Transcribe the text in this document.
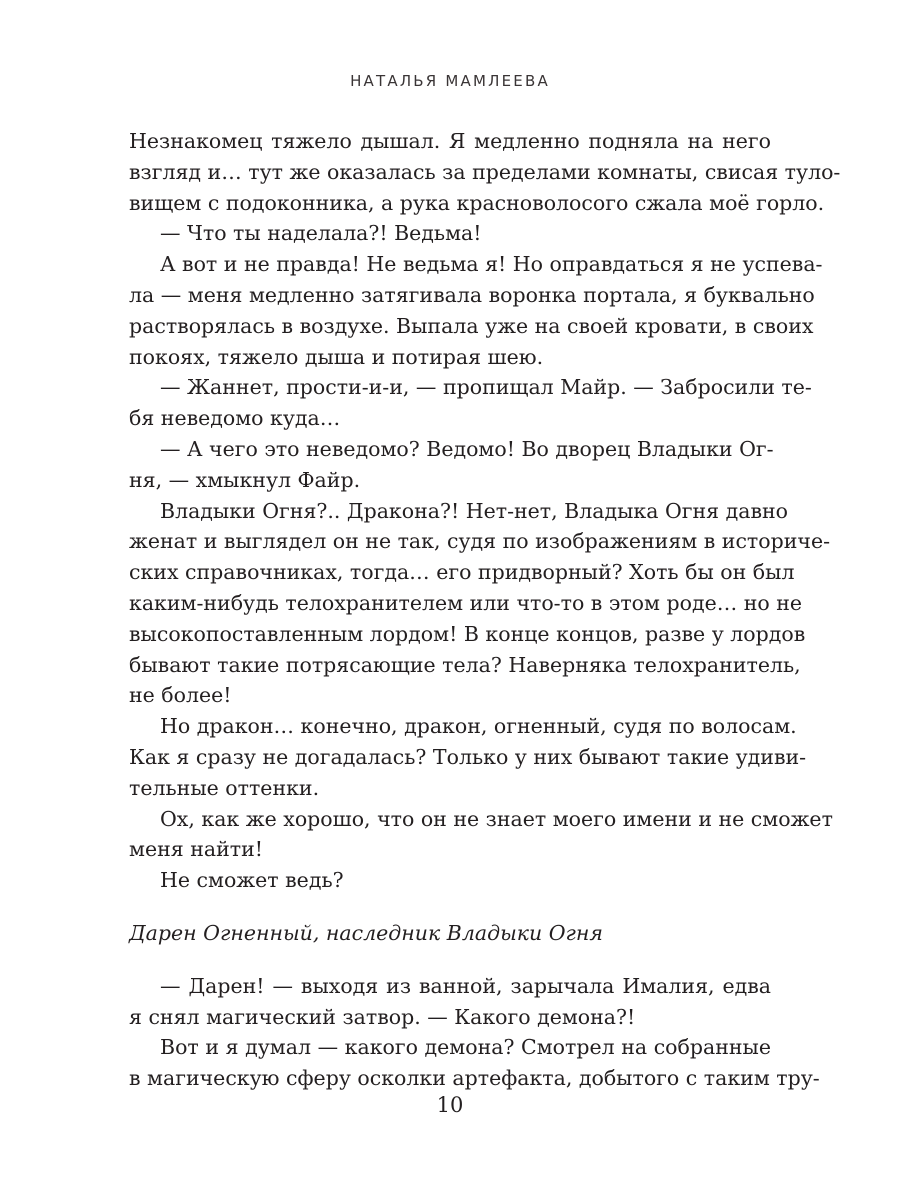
НАТАЛЬЯ МАМЛЕЕВА
Незнакомец тяжело дышал. Я медленно подняла на него
взгляд и… тут же оказалась за пределами комнаты, свисая туло-
вищем с подоконника, а рука красноволосого сжала моё горло.
— Что ты наделала?! Ведьма!
А вот и не правда! Не ведьма я! Но оправдаться я не успева-
ла — меня медленно затягивала воронка портала, я буквально
растворялась в воздухе. Выпала уже на своей кровати, в своих
покоях, тяжело дыша и потирая шею.
— Жаннет, прости-и-и, — пропищал Майр. — Забросили те-
бя неведомо куда…
— А чего это неведомо? Ведомо! Во дворец Владыки Ог-
ня, — хмыкнул Файр.
Владыки Огня?.. Дракона?! Нет-нет, Владыка Огня давно
женат и выглядел он не так, судя по изображениям в историче-
ских справочниках, тогда… его придворный? Хоть бы он был
каким-нибудь телохранителем или что-то в этом роде… но не
высокопоставленным лордом! В конце концов, разве у лордов
бывают такие потрясающие тела? Наверняка телохранитель,
не более!
Но дракон… конечно, дракон, огненный, судя по волосам.
Как я сразу не догадалась? Только у них бывают такие удиви-
тельные оттенки.
Ох, как же хорошо, что он не знает моего имени и не сможет
меня найти!
Не сможет ведь?
Дарен Огненный, наследник Владыки Огня
— Дарен! — выходя из ванной, зарычала Ималия, едва
я снял магический затвор. — Какого демона?!
Вот и я думал — какого демона? Смотрел на собранные
в магическую сферу осколки артефакта, добытого с таким тру-
10
